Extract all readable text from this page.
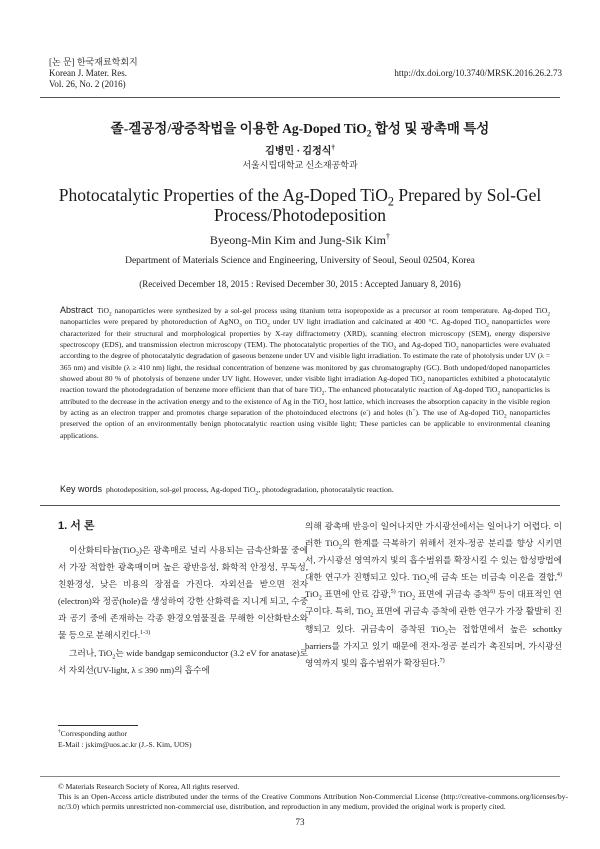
[논 문] 한국재료학회지
Korean J. Mater. Res.
Vol. 26, No. 2 (2016)
http://dx.doi.org/10.3740/MRSK.2016.26.2.73
졸-겔공정/광증착법을 이용한 Ag-Doped TiO$_2$ 합성 및 광촉매 특성
김병민 · 김정식†
서울시립대학교 신소재공학과
Photocatalytic Properties of the Ag-Doped TiO$_2$ Prepared by Sol-Gel Process/Photodeposition
Byeong-Min Kim and Jung-Sik Kim†
Department of Materials Science and Engineering, University of Seoul, Seoul 02504, Korea
(Received December 18, 2015 : Revised December 30, 2015 : Accepted January 8, 2016)
Abstract TiO$_2$ nanoparticles were synthesized by a sol-gel process using titanium tetra isopropoxide as a precursor at room temperature. Ag-doped TiO$_2$ nanoparticles were prepared by photoreduction of AgNO$_3$ on TiO$_2$ under UV light irradiation and calcinated at 400 °C. Ag-doped TiO$_2$ nanoparticles were characterized for their structural and morphological properties by X-ray diffractometry (XRD), scanning electron microscopy (SEM), energy dispersive spectroscopy (EDS), and transmission electron microscopy (TEM). The photocatalytic properties of the TiO$_2$ and Ag-doped TiO$_2$ nanoparticles were evaluated according to the degree of photocatalytic degradation of gaseous benzene under UV and visible light irradiation. To estimate the rate of photolysis under UV (λ = 365 nm) and visible (λ ≥ 410 nm) light, the residual concentration of benzene was monitored by gas chromatography (GC). Both undoped/doped nanoparticles showed about 80 % of photolysis of benzene under UV light. However, under visible light irradiation Ag-doped TiO$_2$ nanoparticles exhibited a photocatalytic reaction toward the photodegradation of benzene more efficient than that of bare TiO$_2$. The enhanced photocatalytic reaction of Ag-doped TiO$_2$ nanoparticles is attributed to the decrease in the activation energy and to the existence of Ag in the TiO$_2$ host lattice, which increases the absorption capacity in the visible region by acting as an electron trapper and promotes charge separation of the photoinduced electrons (e-) and holes (h+). The use of Ag-doped TiO$_2$ nanoparticles preserved the option of an environmentally benign photocatalytic reaction using visible light; These particles can be applicable to environmental cleaning applications.
Key words photodeposition, sol-gel process, Ag-doped TiO$_2$, photodegradation, photocatalytic reaction.
1. 서 론

이산화티타늄(TiO$_2$)은 광촉매로 널리 사용되는 금속산화물 중에서 가장 적합한 광촉매이며 높은 광반응성, 화학적 안정성, 무독성, 친환경성, 낮은 비용의 장점을 가진다. 자외선을 받으면 전자(electron)와 정공(hole)을 생성하여 강한 산화력을 지니게 되고, 수중과 공기 중에 존재하는 각종 환경오염물질을 무해한 이산화탄소와 물 등으로 분해시킨다.$^{1-3)}$

그러나, TiO$_2$는 wide bandgap semiconductor (3.2 eV for anatase)로서 자외선(UV-light, λ ≤ 390 nm)의 흡수에

의해 광촉매 반응이 일어나지만 가시광선에서는 일어나기 어렵다. 이러한 TiO$_2$의 한계를 극복하기 위해서 전자-정공 분리를 향상 시키면서, 가시광선 영역까지 빛의 흡수범위를 확장시킬 수 있는 합성방법에 대한 연구가 진행되고 있다. TiO$_2$에 금속 또는 비금속 이온을 결합,$^{4)}$ TiO$_2$ 표면에 안료 감광,$^{5)}$ TiO$_2$ 표면에 귀금속 증착$^{6)}$ 등이 대표적인 연구이다. 특히, TiO$_2$ 표면에 귀금속 증착에 관한 연구가 가장 활발히 진행되고 있다. 귀금속이 증착된 TiO$_2$는 접합면에서 높은 schottky barriers를 가지고 있기 때문에 전자-정공 분리가 촉진되며, 가시광선 영역까지 빛의 흡수범위가 확장된다.$^{7)}$

†Corresponding author
E-Mail : jskim@uos.ac.kr (J.-S. Kim, UOS)
© Materials Research Society of Korea, All rights reserved.
This is an Open-Access article distributed under the terms of the Creative Commons Attribution Non-Commercial License (http://creative-commons.org/licenses/by-nc/3.0) which permits unrestricted non-commercial use, distribution, and reproduction in any medium, provided the original work is properly cited.
73
